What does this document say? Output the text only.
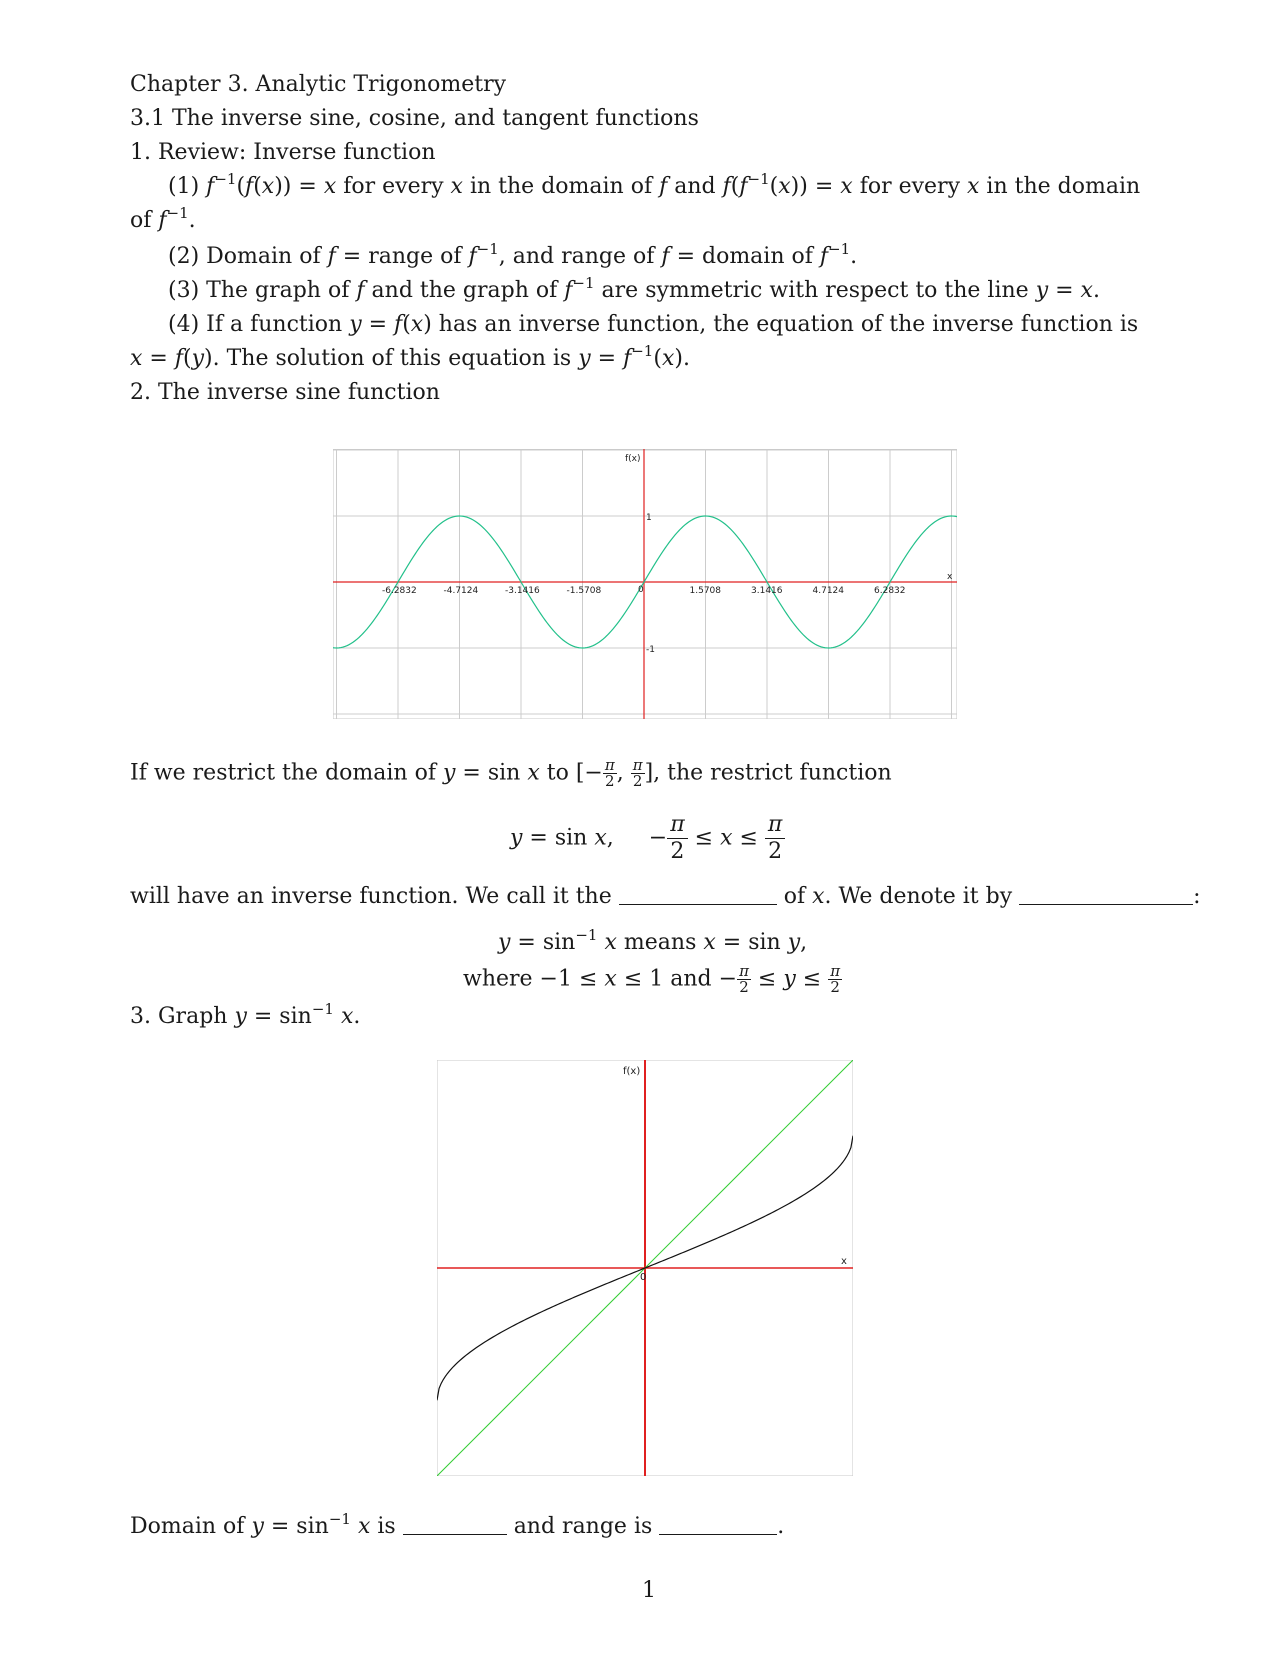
Chapter 3. Analytic Trigonometry
3.1 The inverse sine, cosine, and tangent functions
1. Review: Inverse function
(1) $f^{-1}(f(x)) = x$ for every x in the domain of f and $f(f^{-1}(x)) = x$ for every x in the domain
of $f^{-1}$.
(2) Domain of f = range of $f^{-1}$, and range of f = domain of $f^{-1}$.
(3) The graph of f and the graph of $f^{-1}$ are symmetric with respect to the line y = x.
(4) If a function y = f(x) has an inverse function, the equation of the inverse function is
x = f(y). The solution of this equation is $y = f^{-1}(x)$.
2. The inverse sine function
-6.2832	-4.7124	-3.1416	-1.5708	1.5708	3.1416	4.7124	6.2832
f(x)
x
1
-1
0
If we restrict the domain of y = sin x to [− $\frac{\pi}{2}$ , $\frac{\pi}{2}$ ], the restrict function
y = sin x,     − $\frac{\pi}{2} \le x \le \frac{\pi}{2}$
will have an inverse function. We call it the	of x. We denote it by	:
$y = \sin^{-1} x$ means x = sin y,
where −1 ≤ x ≤ 1 and − $\frac{\pi}{2} \le y \le \frac{\pi}{2}$
3. Graph $y = \sin^{-1} x$.
f(x)
x
0
Domain of $y = \sin^{-1} x$ is	and range is	.
1
